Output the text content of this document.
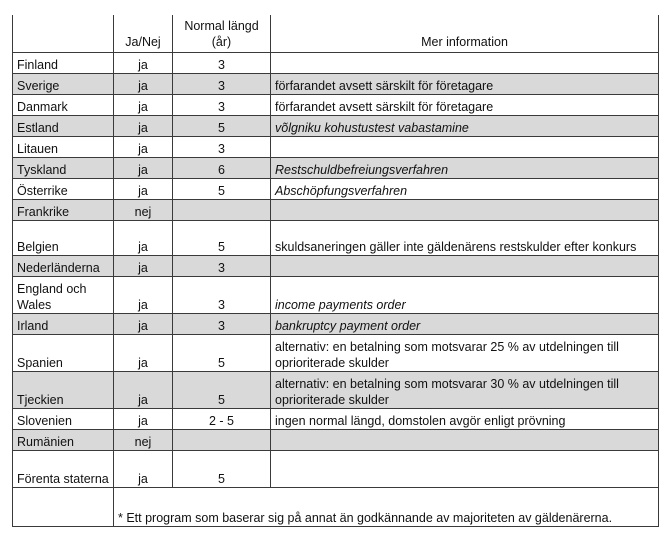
	Ja/Nej	Normal längd (år)	Mer information
Finland	ja	3	
Sverige	ja	3	förfarandet avsett särskilt för företagare
Danmark	ja	3	förfarandet avsett särskilt för företagare
Estland	ja	5	võlgniku kohustustest vabastamine
Litauen	ja	3	
Tyskland	ja	6	Restschuldbefreiungsverfahren
Österrike	ja	5	Abschöpfungsverfahren
Frankrike	nej		
Belgien	ja	5	skuldsaneringen gäller inte gäldenärens restskulder efter konkurs
Nederländerna	ja	3	
England och Wales	ja	3	income payments order
Irland	ja	3	bankruptcy payment order
Spanien	ja	5	alternativ: en betalning som motsvarar 25 % av utdelningen till oprioriterade skulder
Tjeckien	ja	5	alternativ: en betalning som motsvarar 30 % av utdelningen till oprioriterade skulder
Slovenien	ja	2 - 5	ingen normal längd, domstolen avgör enligt prövning
Rumänien	nej		
Förenta staterna	ja	5	
	* Ett program som baserar sig på annat än godkännande av majoriteten av gäldenärerna.		
